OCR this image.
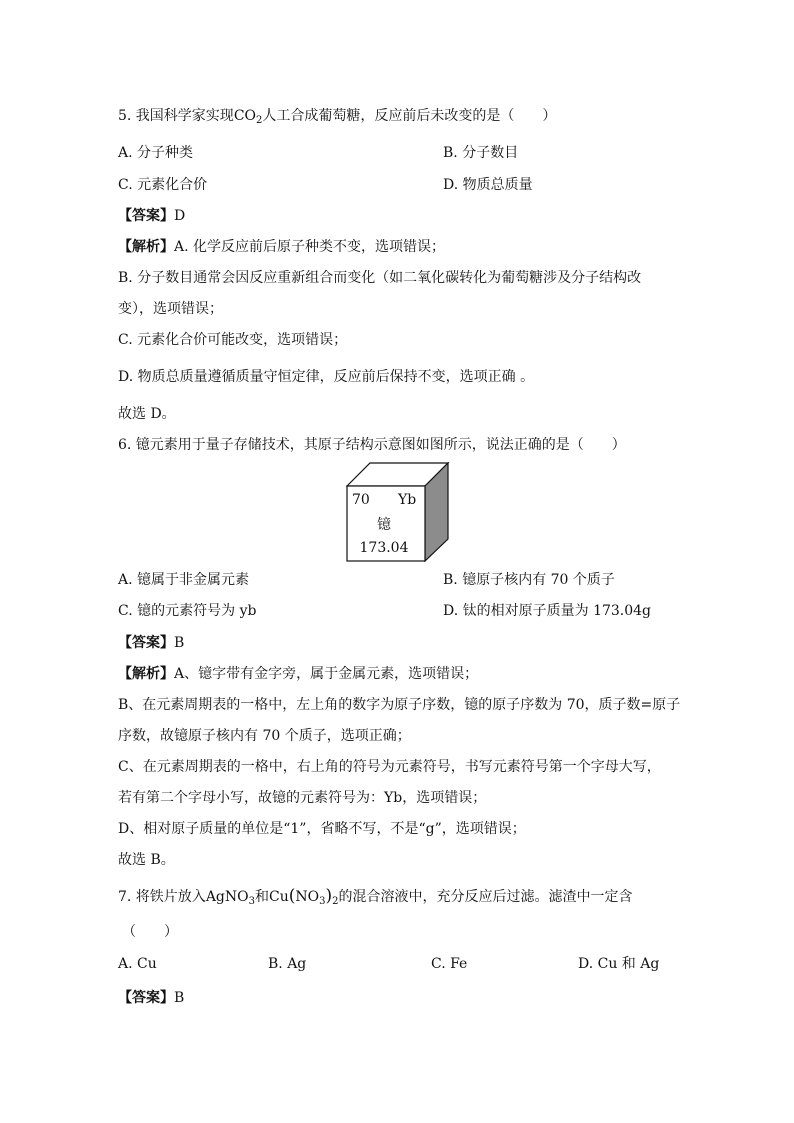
5. 我国科学家实现$CO_2$人工合成葡萄糖，反应前后未改变的是（　　）
A. 分子种类	B. 分子数目
C. 元素化合价	D. 物质总质量
【答案】D
【解析】A. 化学反应前后原子种类不变，选项错误；
B. 分子数目通常会因反应重新组合而变化（如二氧化碳转化为葡萄糖涉及分子结构改
变），选项错误；
C. 元素化合价可能改变，选项错误；
D. 物质总质量遵循质量守恒定律，反应前后保持不变，选项正确 。
故选 D。
6. 镱元素用于量子存储技术，其原子结构示意图如图所示，说法正确的是（　　）
70 Yb
镱
173.04
A. 镱属于非金属元素	B. 镱原子核内有 70 个质子
C. 镱的元素符号为 yb	D. 钛的相对原子质量为 173.04g
【答案】B
【解析】A、镱字带有金字旁，属于金属元素，选项错误；
B、在元素周期表的一格中，左上角的数字为原子序数，镱的原子序数为 70，质子数=原子
序数，故镱原子核内有 70 个质子，选项正确；
C、在元素周期表的一格中，右上角的符号为元素符号，书写元素符号第一个字母大写，
若有第二个字母小写，故镱的元素符号为：Yb，选项错误；
D、相对原子质量的单位是“1”，省略不写，不是“g”，选项错误；
故选 B。
7. 将铁片放入AgNO$_3$和$Cu(NO_3)_2$的混合溶液中，充分反应后过滤。滤渣中一定含
（　　）
A. Cu	B. Ag	C. Fe	D. Cu 和 Ag
【答案】B
